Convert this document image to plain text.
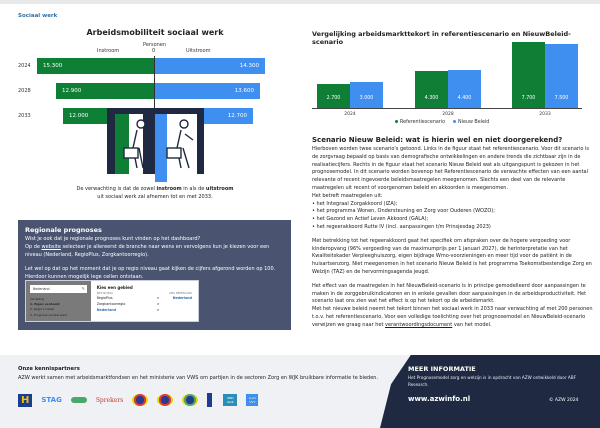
Sociaal werk
Arbeidsmobiliteit sociaal werk
Personen
0
Instroom	Uitstroom
2024 15.300	14.300
2028	12.900	13.600
2033	12.000	12.700
De verwachting is dat de zowel instroom in als de uitstroom
uit sociaal werk zal afnemen tot en met 2033.
Regionale prognoses

Wist je ook dat je regionale prognoses kunt vinden op het dashboard?

Op de website selecteer je allereerst de branche naar wens en vervolgens kun je kiezen voor een niveau (Nederland, RegioPlus, Zorgkantoorregio).

Let wel op dat op het moment dat je op regio niveau gaat kijken de cijfers afgerond worden op 100. Hierdoor kunnen mogelijk lege cellen ontstaan.

Nederland	✎
Verdeling
1. Eigen verdeeld
2. Regio's totaal
3. Prognose sociaal werk
Kies een gebied
KIES NIVEAU	KIES NEDERLAND
RegioPlus	>	Nederland
Zorgkantoorregio	>
Nederland	>
Vergelijking arbeidsmarkttekort in referentiescenario en NieuwBeleid-scenario
2.700	3.000	4.300	4.400	7.700	7.500
2024	2028	2033
Referentiescenario	Nieuw Beleid
Scenario Nieuw Beleid: wat is hierin wel en niet doorgerekend?

Hierboven worden twee scenario's getoond. Links in de figuur staat het referentiescenario. Voor dit scenario is de zorgvraag bepaald op basis van demografische ontwikkelingen en andere trends die zichtbaar zijn in de realisatiecijfers. Rechts in de figuur staat het scenario Nieuw Beleid wat als uitgangspunt is gekozen in het prognosemodel. In dit scenario worden bovenop het Referentiescenario de verwachte effecten van een aantal relevante of recent ingevoerde beleidsmaatregelen meegenomen. Slechts een deel van de relevante maatregelen uit recent of voorgenomen beleid en akkoorden is meegenomen.

Het betreft maatregelen uit:

• het Integraal Zorgakkoord (IZA);

• het programma Wonen, Ondersteuning en Zorg voor Ouderen (WOZO);

• het Gezond en Actief Leven Akkoord (GALA);

• het regeerakkoord Rutte IV (incl. aanpassingen t/m Prinsjesdag 2023)

Met betrekking tot het regeerakkoord gaat het specifiek om afspraken over de hogere vergoeding voor kinderopvang (96% vergoeding van de maximumprijs per 1 januari 2027), de herinterpretatie van het Kwaliteitskader Verpleeghuiszorg, eigen bijdrage Wmo-voorzieningen en meer tijd voor de patiënt in de huisartsenzorg. Niet meegenomen in het scenario Nieuw Beleid is het programma Toekomstbestendige Zorg en Welzijn (TAZ) en de hervormingsagenda jeugd.

Het effect van de maatregelen in het NieuwBeleid-scenario is in principe gemodelleerd door aanpassingen te maken in de zorggebruikindicatoren en in enkele gevallen door aanpassingen in de arbeidsproductiviteit. Het scenario laat ons zien wat het effect is op het tekort op de arbeidsmarkt.

Met het nieuwe beleid neemt het tekort binnen het sociaal werk in 2033 naar verwachting af met 200 personen t.o.v. het referentiescenario. Voor een volledige toelichting over het prognosemodel en NieuwBeleid-scenario verwijzen we graag naar het verantwoordingsdocument van het model.

Onze kennispartners
AZW werkt samen met arbeidsmarktfondsen en het ministerie van VWS om partijen in de sectoren Zorg en WJK bruikbare informatie te bieden.
H	STAG	Sprekers	OBD GGZ
A+O VVT
MEER INFORMATIE
Het Prognosemodel zorg en welzijn is in opdracht van AZW ontwikkeld door ABF Research.
www.azwinfo.nl	© AZW 2024
